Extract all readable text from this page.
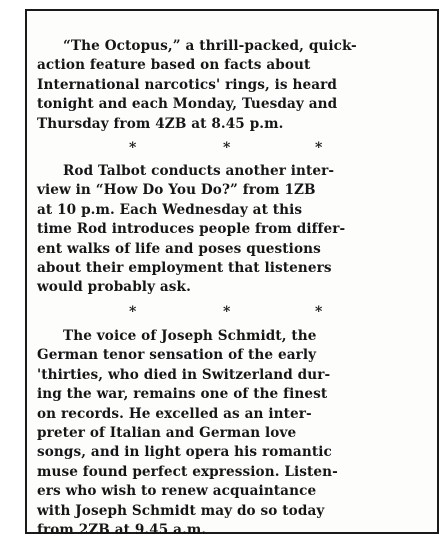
“The Octopus,” a thrill-packed, quick-
action feature based on facts about
International narcotics' rings, is heard
tonight and each Monday, Tuesday and
Thursday from 4ZB at 8.45 p.m.
*	*	*
Rod Talbot conducts another inter-
view in “How Do You Do?” from 1ZB
at 10 p.m. Each Wednesday at this
time Rod introduces people from differ-
ent walks of life and poses questions
about their employment that listeners
would probably ask.
*	*	*
The voice of Joseph Schmidt, the
German tenor sensation of the early
'thirties, who died in Switzerland dur-
ing the war, remains one of the finest
on records. He excelled as an inter-
preter of Italian and German love
songs, and in light opera his romantic
muse found perfect expression. Listen-
ers who wish to renew acquaintance
with Joseph Schmidt may do so today
from 2ZB at 9.45 a.m.
